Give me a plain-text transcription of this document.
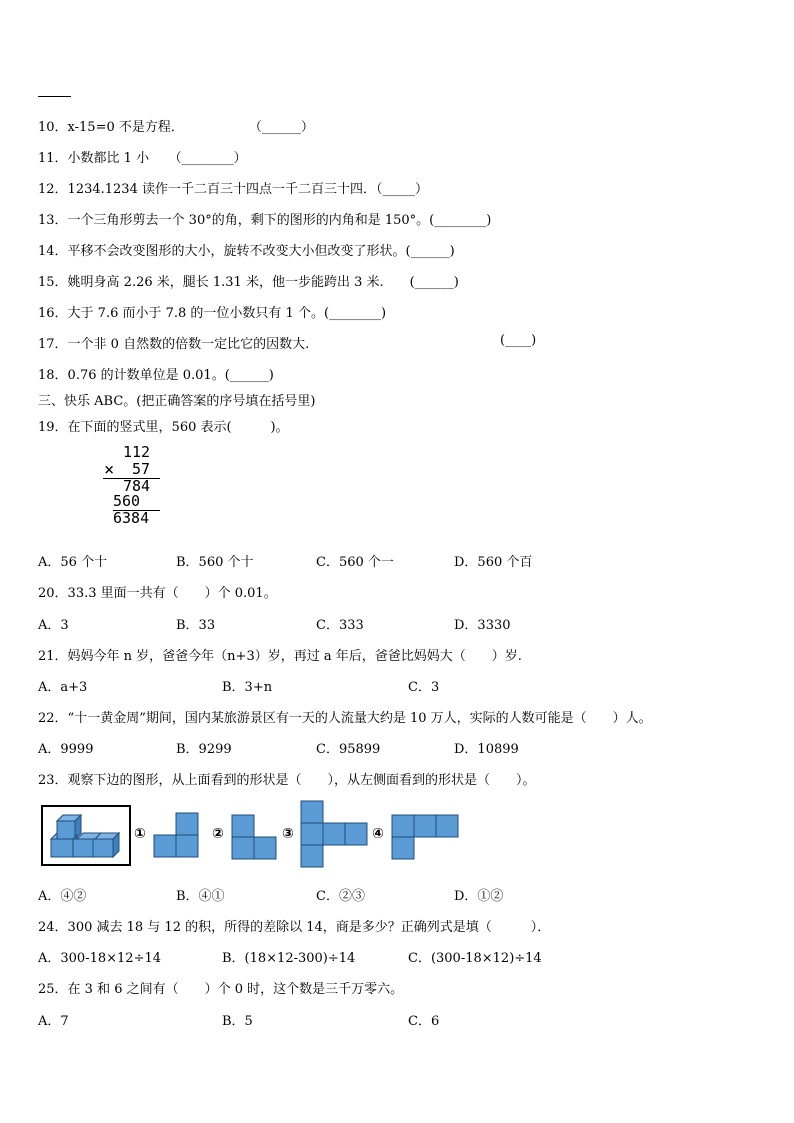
10．x-15=0 不是方程．　　　　　　（______）
11．小数都比 1 小　　（________）
12．1234.1234 读作一千二百三十四点一千二百三十四．（_____）
13．一个三角形剪去一个 30°的角，剩下的图形的内角和是 150°。(________)
14．平移不会改变图形的大小，旋转不改变大小但改变了形状。(______)
15．姚明身高 2.26 米，腿长 1.31 米，他一步能跨出 3 米.　　(______)
16．大于 7.6 而小于 7.8 的一位小数只有 1 个。(________)
17．一个非 0 自然数的倍数一定比它的因数大.	(____)
18．0.76 的计数单位是 0.01。(______)
三、快乐 ABC。(把正确答案的序号填在括号里)
19．在下面的竖式里，560 表示(　　　)。
112
× 57
784
560
6384
A．56 个十	B．560 个十	C．560 个一	D．560 个百
20．33.3 里面一共有（　　）个 0.01。
A．3	B．33	C．333	D．3330
21．妈妈今年 n 岁，爸爸今年（n+3）岁，再过 a 年后，爸爸比妈妈大（　　）岁.
A．a+3	B．3+n	C．3
22．“十一黄金周”期间，国内某旅游景区有一天的人流量大约是 10 万人，实际的人数可能是（　　）人。
A．9999	B．9299	C．95899	D．10899
23．观察下边的图形，从上面看到的形状是（　　），从左侧面看到的形状是（　　）。
①	②	③	④
A．④②	B．④①	C．②③	D．①②
24．300 减去 18 与 12 的积，所得的差除以 14，商是多少？正确列式是填（　　　）．
A．300-18×12÷14	B．(18×12-300)÷14	C．(300-18×12)÷14
25．在 3 和 6 之间有（　　）个 0 时，这个数是三千万零六。
A．7	B．5	C．6
